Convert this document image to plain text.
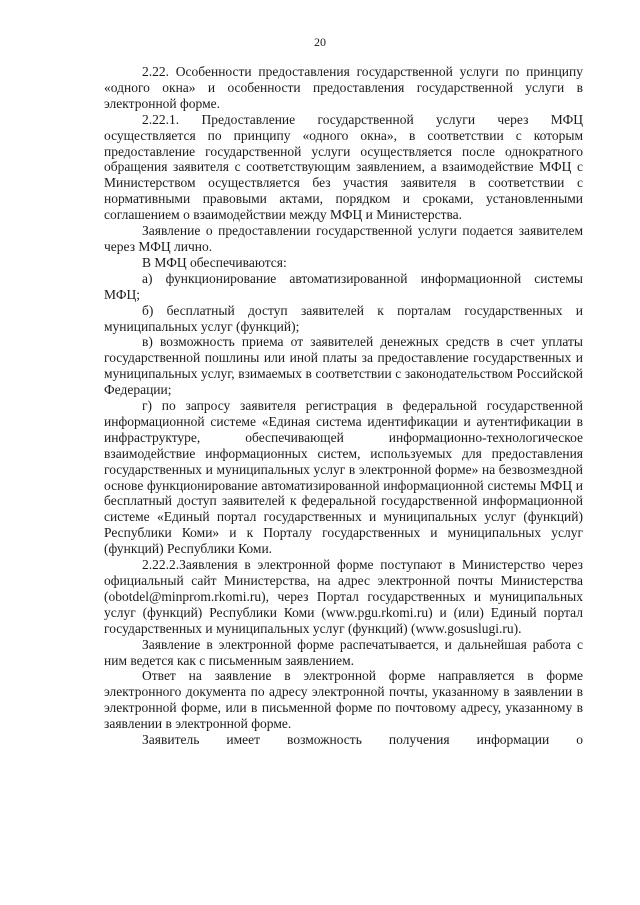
20

2.22. Особенности предоставления государственной услуги по принципу «одного окна» и особенности предоставления государственной услуги в электронной форме.

2.22.1. Предоставление государственной услуги через МФЦ осуществляется по принципу «одного окна», в соответствии с которым предоставление государственной услуги осуществляется после однократного обращения заявителя с соответствующим заявлением, а взаимодействие МФЦ с Министерством осуществляется без участия заявителя в соответствии с нормативными правовыми актами, порядком и сроками, установленными соглашением о взаимодействии между МФЦ и Министерства.

Заявление о предоставлении государственной услуги подается заявителем через МФЦ лично.

В МФЦ обеспечиваются:

а) функционирование автоматизированной информационной системы МФЦ;

б) бесплатный доступ заявителей к порталам государственных и муниципальных услуг (функций);

в) возможность приема от заявителей денежных средств в счет уплаты государственной пошлины или иной платы за предоставление государственных и муниципальных услуг, взимаемых в соответствии с законодательством Российской Федерации;

г) по запросу заявителя регистрация в федеральной государственной информационной системе «Единая система идентификации и аутентификации в инфраструктуре, обеспечивающей информационно-технологическое взаимодействие информационных систем, используемых для предоставления государственных и муниципальных услуг в электронной форме» на безвозмездной основе функционирование автоматизированной информационной системы МФЦ и бесплатный доступ заявителей к федеральной государственной информационной системе «Единый портал государственных и муниципальных услуг (функций) Республики Коми» и к Порталу государственных и муниципальных услуг (функций) Республики Коми.

2.22.2.Заявления в электронной форме поступают в Министерство через официальный сайт Министерства, на адрес электронной почты Министерства (obotdel@minprom.rkomi.ru), через Портал государственных и муниципальных услуг (функций) Республики Коми (www.pgu.rkomi.ru) и (или) Единый портал государственных и муниципальных услуг (функций) (www.gosuslugi.ru).

Заявление в электронной форме распечатывается, и дальнейшая работа с ним ведется как с письменным заявлением.

Ответ на заявление в электронной форме направляется в форме электронного документа по адресу электронной почты, указанному в заявлении в электронной форме, или в письменной форме по почтовому адресу, указанному в заявлении в электронной форме.

Заявитель имеет возможность получения информации о
